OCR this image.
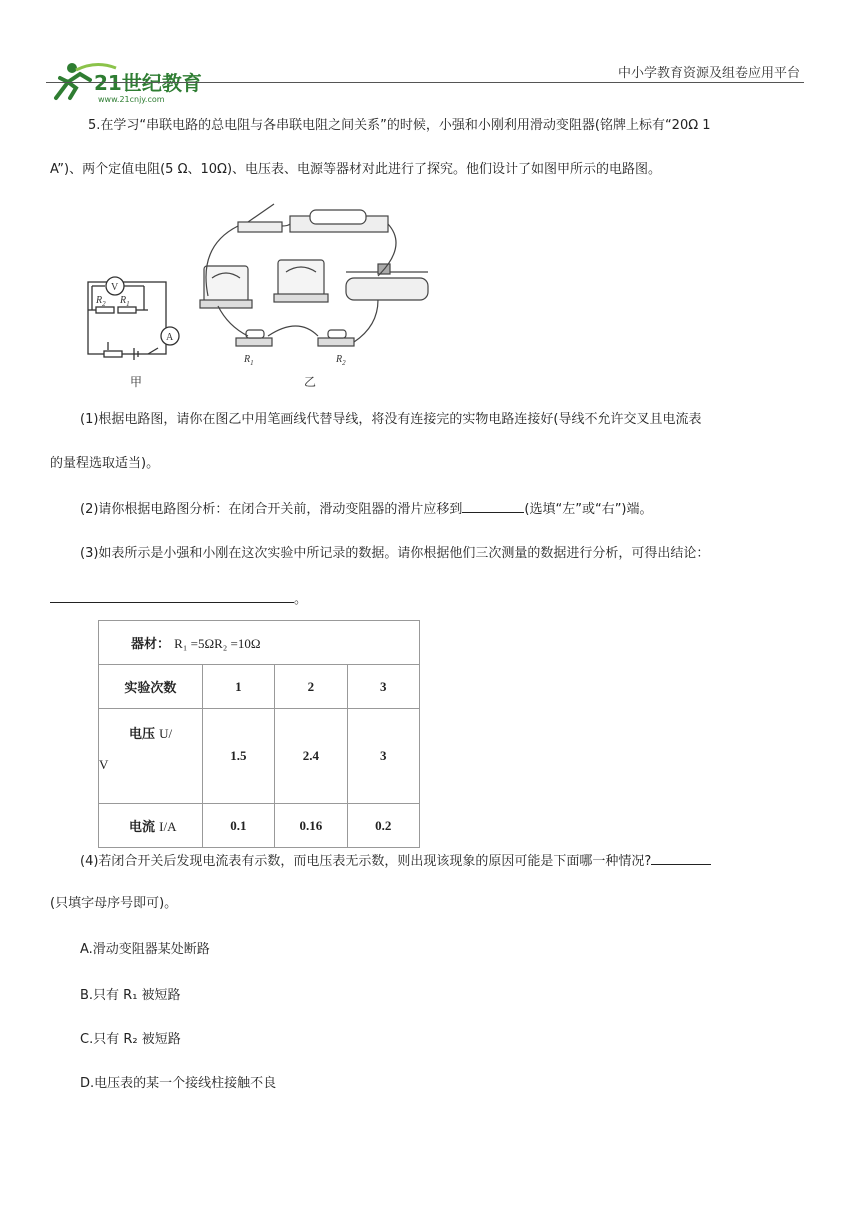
21世纪教育
www.21cnjy.com
中小学教育资源及组卷应用平台
5.在学习“串联电路的总电阻与各串联电阻之间关系”的时候，小强和小刚利用滑动变阻器(铭牌上标有“20Ω 1
A”)、两个定值电阻(5 Ω、10Ω)、电压表、电源等器材对此进行了探究。他们设计了如图甲所示的电路图。
V
A
$R_2$ $R_1$
甲
$R_1$	$R_2$
乙
(1)根据电路图，请你在图乙中用笔画线代替导线，将没有连接完的实物电路连接好(导线不允许交叉且电流表
的量程选取适当)。
(2)请你根据电路图分析：在闭合开关前，滑动变阻器的滑片应移到	(选填“左”或“右”)端。
(3)如表所示是小强和小刚在这次实验中所记录的数据。请你根据他们三次测量的数据进行分析，可得出结论：
。
器材： R₁ =5ΩR₂ =10Ω			
实验次数	1	2	3
电压 U/

V	1.5	2.4	3
电流 I/A	0.1	0.16	0.2
(4)若闭合开关后发现电流表有示数，而电压表无示数，则出现该现象的原因可能是下面哪一种情况?
(只填字母序号即可)。
A.滑动变阻器某处断路
B.只有 R₁ 被短路
C.只有 R₂ 被短路
D.电压表的某一个接线柱接触不良
